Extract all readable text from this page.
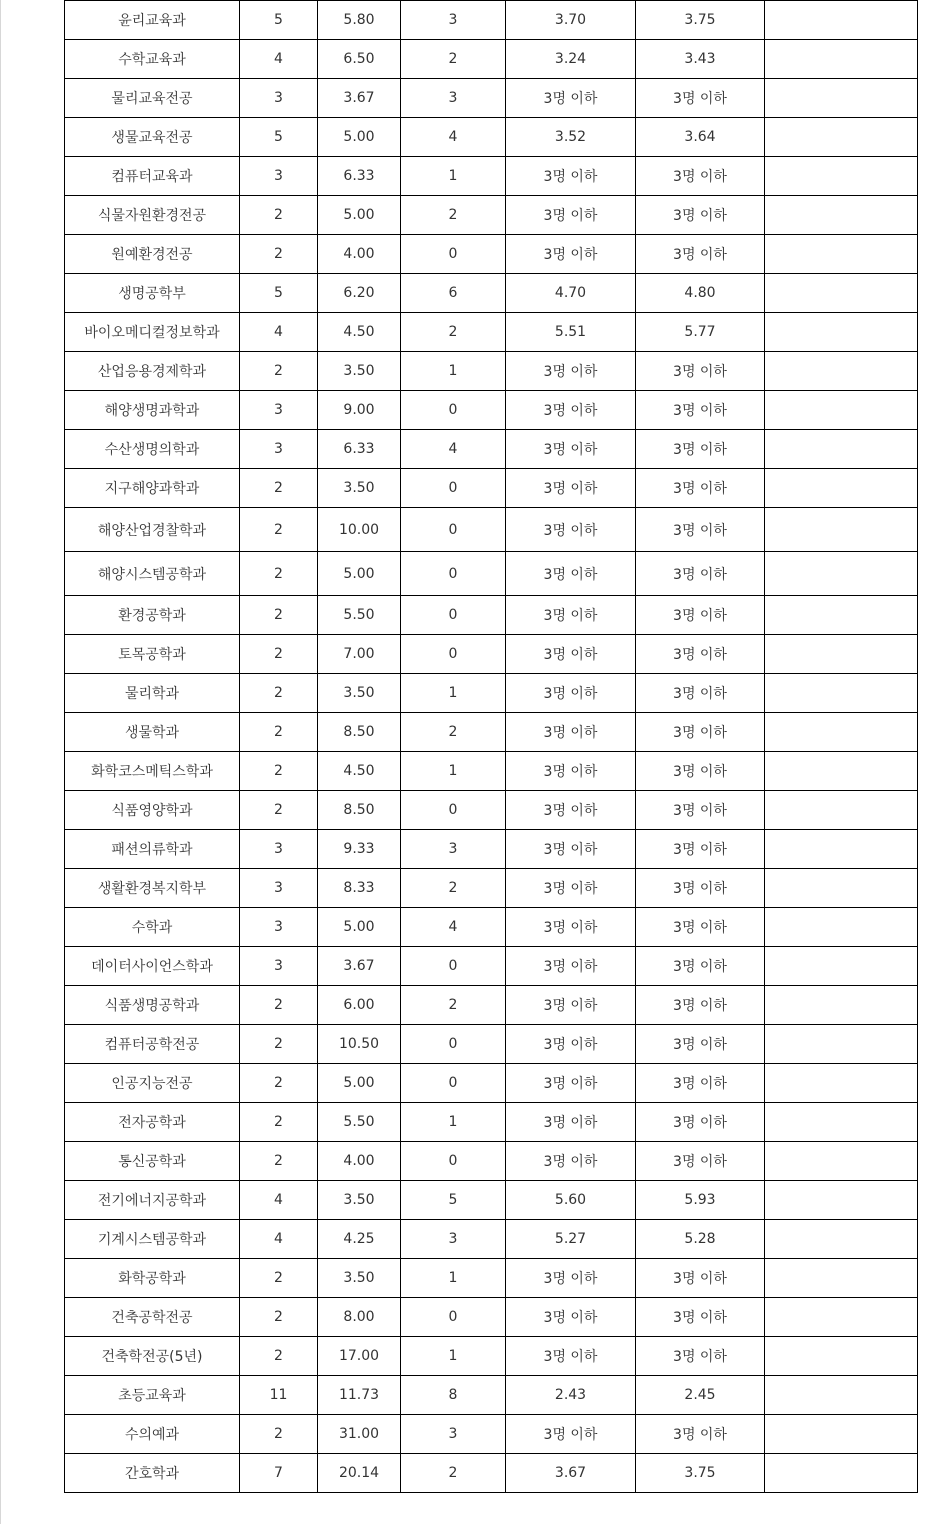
윤리교육과	5	5.80	3	3.70	3.75	
수학교육과	4	6.50	2	3.24	3.43	
물리교육전공	3	3.67	3	3명 이하	3명 이하	
생물교육전공	5	5.00	4	3.52	3.64	
컴퓨터교육과	3	6.33	1	3명 이하	3명 이하	
식물자원환경전공	2	5.00	2	3명 이하	3명 이하	
원예환경전공	2	4.00	0	3명 이하	3명 이하	
생명공학부	5	6.20	6	4.70	4.80	
바이오메디컬정보학과	4	4.50	2	5.51	5.77	
산업응용경제학과	2	3.50	1	3명 이하	3명 이하	
해양생명과학과	3	9.00	0	3명 이하	3명 이하	
수산생명의학과	3	6.33	4	3명 이하	3명 이하	
지구해양과학과	2	3.50	0	3명 이하	3명 이하	
해양산업경찰학과	2	10.00	0	3명 이하	3명 이하	
해양시스템공학과	2	5.00	0	3명 이하	3명 이하	
환경공학과	2	5.50	0	3명 이하	3명 이하	
토목공학과	2	7.00	0	3명 이하	3명 이하	
물리학과	2	3.50	1	3명 이하	3명 이하	
생물학과	2	8.50	2	3명 이하	3명 이하	
화학코스메틱스학과	2	4.50	1	3명 이하	3명 이하	
식품영양학과	2	8.50	0	3명 이하	3명 이하	
패션의류학과	3	9.33	3	3명 이하	3명 이하	
생활환경복지학부	3	8.33	2	3명 이하	3명 이하	
수학과	3	5.00	4	3명 이하	3명 이하	
데이터사이언스학과	3	3.67	0	3명 이하	3명 이하	
식품생명공학과	2	6.00	2	3명 이하	3명 이하	
컴퓨터공학전공	2	10.50	0	3명 이하	3명 이하	
인공지능전공	2	5.00	0	3명 이하	3명 이하	
전자공학과	2	5.50	1	3명 이하	3명 이하	
통신공학과	2	4.00	0	3명 이하	3명 이하	
전기에너지공학과	4	3.50	5	5.60	5.93	
기계시스템공학과	4	4.25	3	5.27	5.28	
화학공학과	2	3.50	1	3명 이하	3명 이하	
건축공학전공	2	8.00	0	3명 이하	3명 이하	
건축학전공(5년)	2	17.00	1	3명 이하	3명 이하	
초등교육과	11	11.73	8	2.43	2.45	
수의예과	2	31.00	3	3명 이하	3명 이하	
간호학과	7	20.14	2	3.67	3.75	
